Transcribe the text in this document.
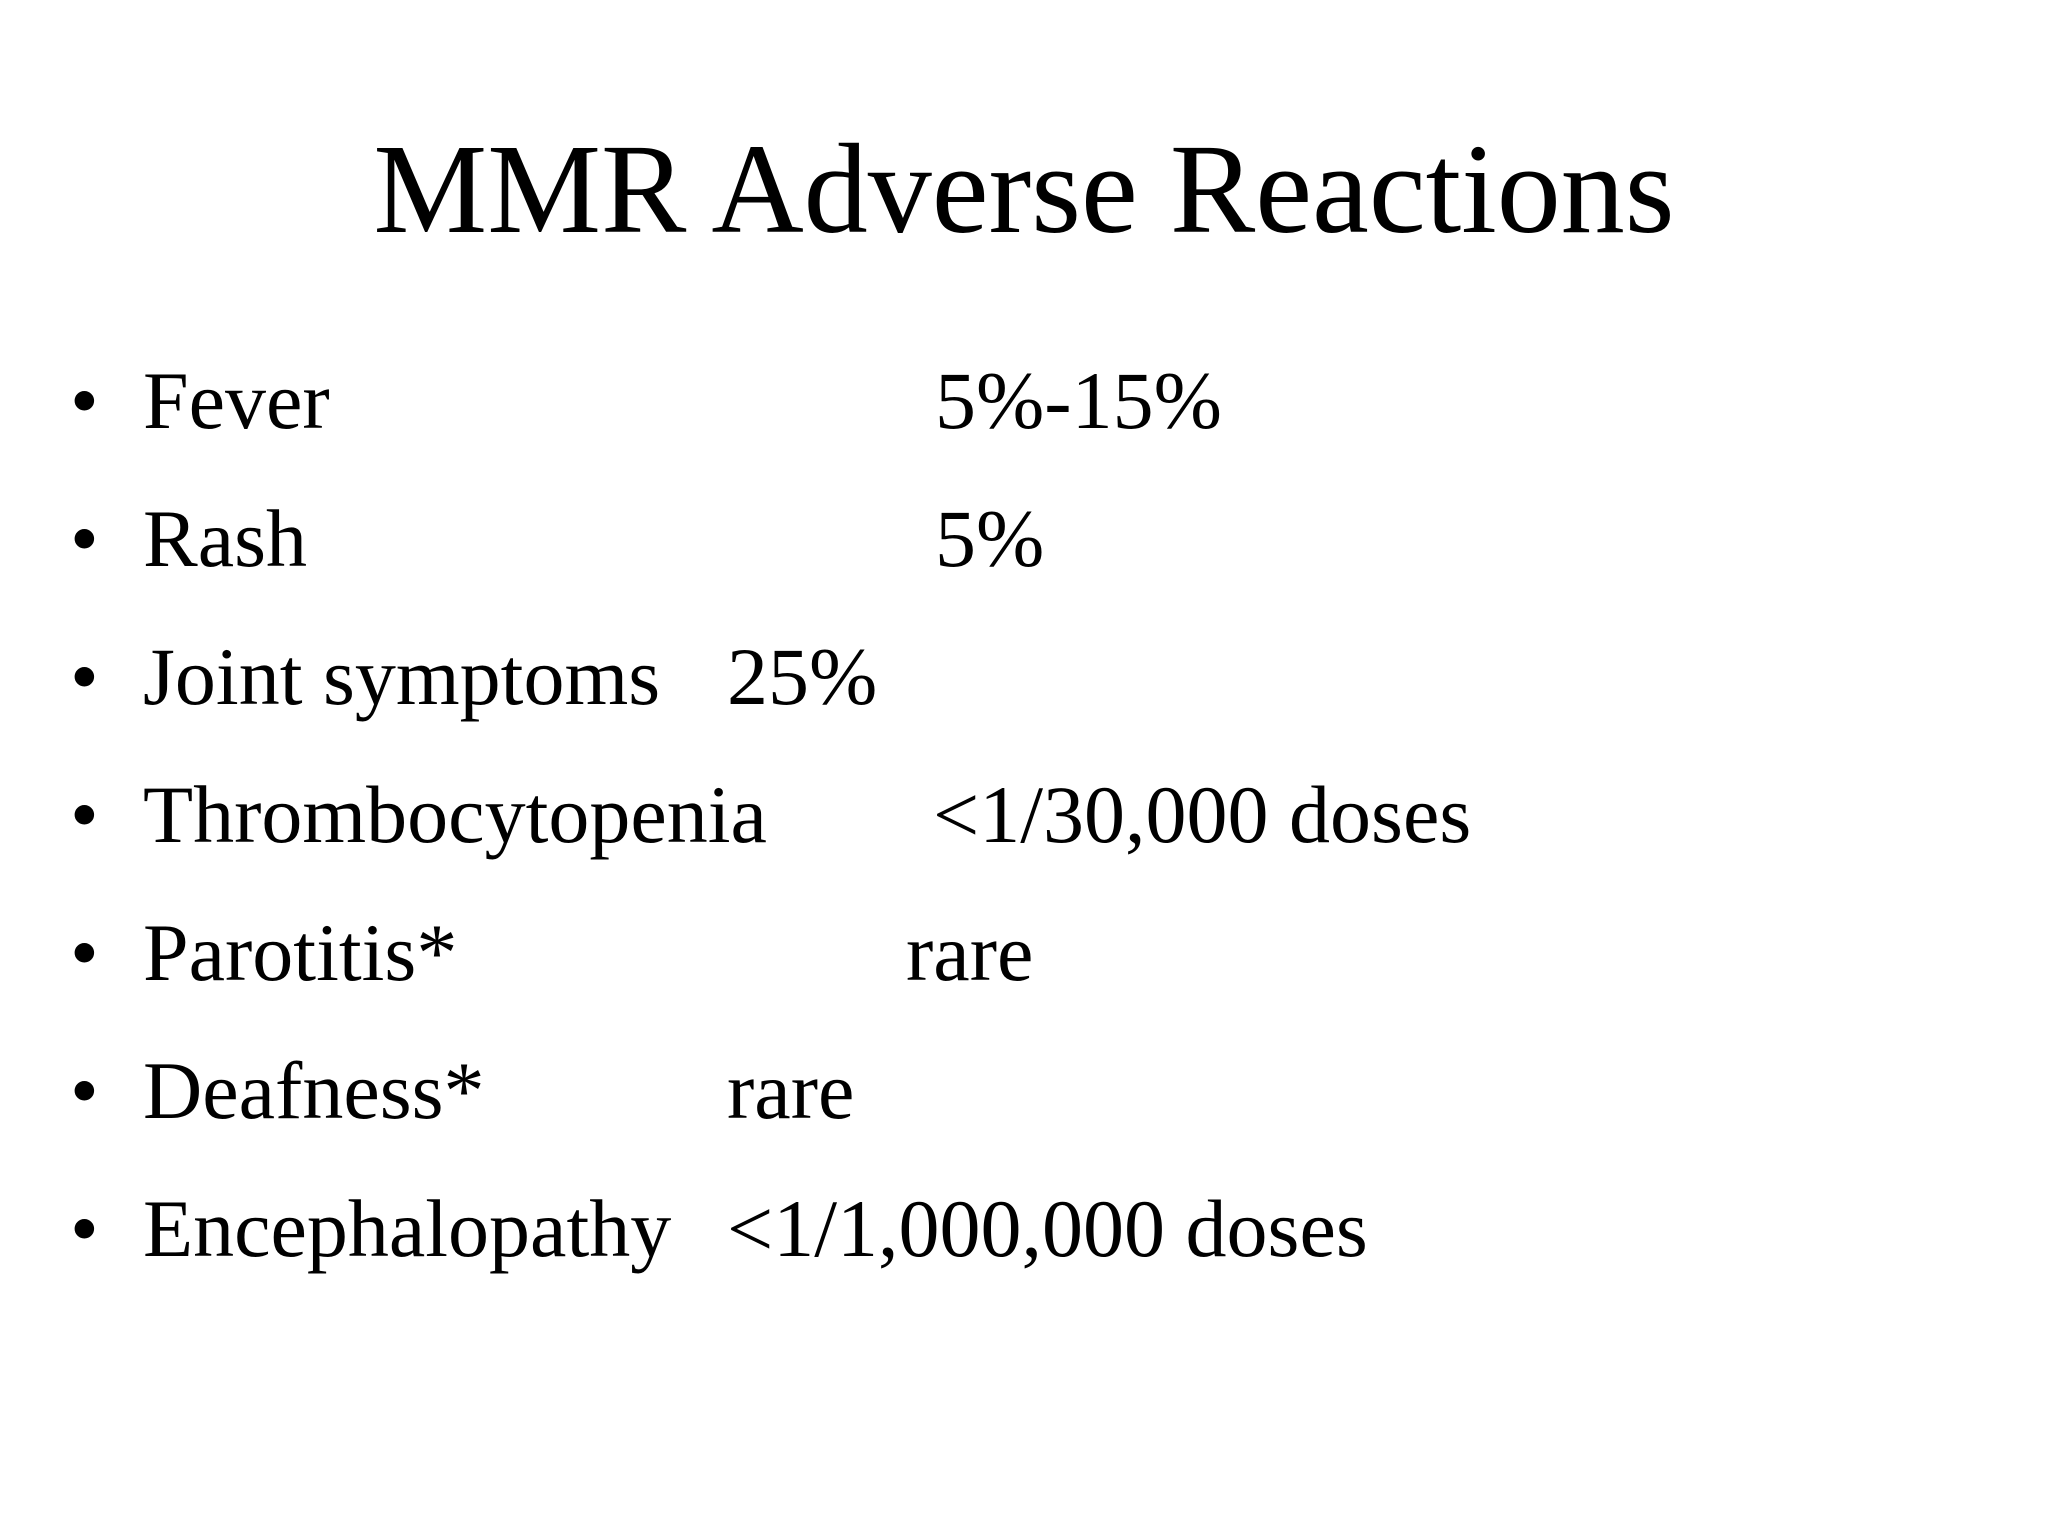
MMR Adverse Reactions
• Fever	5%-15%
• Rash	5%
• Joint symptoms 25%
• Thrombocytopenia <1/30,000 doses
• Parotitis*	rare
• Deafness*	rare
• Encephalopathy <1/1,000,000 doses
